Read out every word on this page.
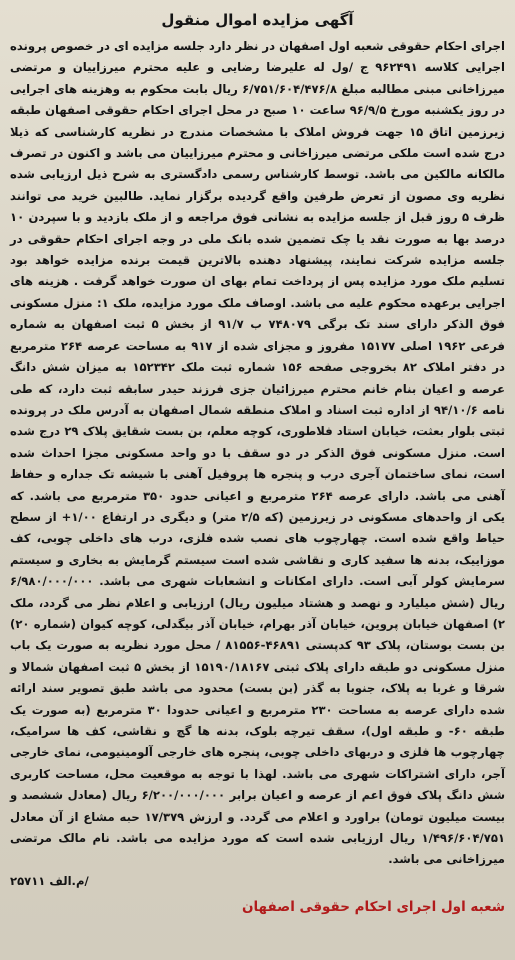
آگهی مزایده اموال منقول

اجرای احکام حقوقی شعبه اول اصفهان در نظر دارد جلسه مزایده ای در خصوص پرونده اجرایی کلاسه ۹۶۲۴۹۱ ج /ول له علیرضا رضایی و علیه محترم میرزاییان و مرتضی میرزاخانی مبنی مطالبه مبلغ ۶/۷۵۱/۶۰۴/۴۷۶/۸ ریال بابت محکوم به وهزینه های اجرایی در روز یکشنبه مورخ ۹۶/۹/۵ ساعت ۱۰ صبح در محل اجرای احکام حقوقی اصفهان طبقه زیرزمین اتاق ۱۵ جهت فروش املاک با مشخصات مندرج در نظریه کارشناسی که ذیلا درج شده است ملکی مرتضی میرزاخانی و محترم میرزاییان می باشد و اکنون در تصرف مالکانه مالکین می باشد. توسط کارشناس رسمی دادگستری به شرح ذیل ارزیابی شده نظریه وی مصون از تعرض طرفین واقع گردیده برگزار نماید. طالبین خرید می توانند ظرف ۵ روز قبل از جلسه مزایده به نشانی فوق مراجعه و از ملک بازدید و با سپردن ۱۰ درصد بها به صورت نقد یا چک تضمین شده بانک ملی در وجه اجرای احکام حقوقی در جلسه مزایده شرکت نمایند، پیشنهاد دهنده بالاترین قیمت برنده مزایده خواهد بود تسلیم ملک مورد مزایده پس از پرداخت تمام بهای ان صورت خواهد گرفت . هزینه های اجرایی برعهده محکوم علیه می باشد. اوصاف ملک مورد مزایده، ملک ۱: منزل مسکونی فوق الذکر دارای سند تک برگی ۷۴۸۰۷۹ ب ۹۱/۷ از بخش ۵ ثبت اصفهان به شماره فرعی ۱۹۶۲ اصلی ۱۵۱۷۷ مفروز و مجزای شده از ۹۱۷ به مساحت عرصه ۲۶۴ مترمربع در دفتر املاک ۸۲ بخروجی صفحه ۱۵۶ شماره ثبت ملک ۱۵۲۳۴۲ به میزان شش دانگ عرصه و اعیان بنام خانم محترم میرزائیان جزی فرزند حیدر سابقه ثبت دارد، که طی نامه ۹۴/۱۰/۶ از اداره ثبت اسناد و املاک منطقه شمال اصفهان به آدرس ملک در پرونده ثبتی بلوار بعثت، خیابان استاد فلاطوری، کوچه معلم، بن بست شقایق پلاک ۲۹ درج شده است. منزل مسکونی فوق الذکر در دو سقف با دو واحد مسکونی مجزا احداث شده است، نمای ساختمان آجری درب و پنجره ها پروفیل آهنی با شیشه تک جداره و حفاظ آهنی می باشد. دارای عرصه ۲۶۴ مترمربع و اعیانی حدود ۳۵۰ مترمربع می باشد. که یکی از واحدهای مسکونی در زیرزمین (که ۲/۵ متر) و دیگری در ارتفاع ۱/۰۰+ از سطح حیاط واقع شده است. چهارچوب های نصب شده فلزی، درب های داخلی چوبی، کف موزاییک، بدنه ها سفید کاری و نقاشی شده است سیستم گرمایش به بخاری و سیستم سرمایش کولر آبی است. دارای امکانات و انشعابات شهری می باشد. ۶/۹۸۰/۰۰۰/۰۰۰ ریال (شش میلیارد و نهصد و هشتاد میلیون ریال) ارزیابی و اعلام نظر می گردد، ملک ۲) اصفهان خیابان پروین، خیابان آذر بهرام، خیابان آذر بیگدلی، کوچه کیوان (شماره ۲۰) بن بست بوستان، پلاک ۹۳ کدپستی ۴۶۸۹۱-۸۱۵۵۶ / محل مورد نظریه به صورت یک باب منزل مسکونی دو طبقه دارای پلاک ثبتی ۱۵۱۹۰/۱۸۱۶۷ از بخش ۵ ثبت اصفهان شمالا و شرقا و غربا به پلاک، جنوبا به گذر (بن بست) محدود می باشد طبق تصویر سند ارائه شده دارای عرصه به مساحت ۲۳۰ مترمربع و اعیانی حدودا ۳۰ مترمربع (به صورت یک طبقه ۶۰- و طبقه اول)، سقف تیرچه بلوک، بدنه ها گچ و نقاشی، کف ها سرامیک، چهارچوب ها فلزی و دربهای داخلی چوبی، پنجره های خارجی آلومینیومی، نمای خارجی آجر، دارای اشتراکات شهری می باشد. لهذا با توجه به موقعیت محل، مساحت کاربری شش دانگ پلاک فوق اعم از عرصه و اعیان برابر ۶/۲۰۰/۰۰۰/۰۰۰ ریال (معادل ششصد و بیست میلیون تومان) براورد و اعلام می گردد. و ارزش ۱۷/۳۷۹ حبه مشاع از آن معادل ۱/۴۹۶/۶۰۴/۷۵۱ ریال ارزیابی شده است که مورد مزایده می باشد. نام مالک مرتضی میرزاخانی می باشد.

م.الف ۲۵۷۱۱/

شعبه اول اجرای احکام حقوقی اصفهان
